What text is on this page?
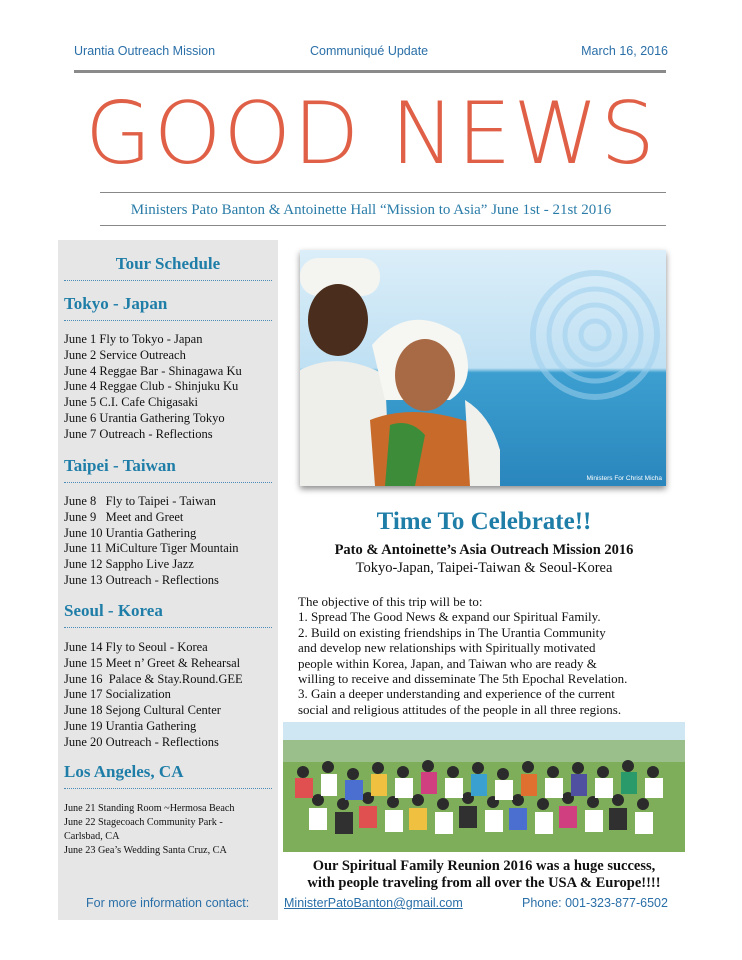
Urantia Outreach Mission	Communiqué Update	March 16, 2016
GOOD NEWS
Ministers Pato Banton & Antoinette Hall “Mission to Asia” June 1st - 21st 2016
Tour Schedule
Tokyo - Japan
June 1 Fly to Tokyo - Japan
June 2 Service Outreach
June 4 Reggae Bar - Shinagawa Ku
June 4 Reggae Club - Shinjuku Ku
June 5 C.I. Cafe Chigasaki
June 6 Urantia Gathering Tokyo
June 7 Outreach - Reflections
Taipei - Taiwan
June 8   Fly to Taipei - Taiwan
June 9   Meet and Greet
June 10 Urantia Gathering
June 11 MiCulture Tiger Mountain
June 12 Sappho Live Jazz
June 13 Outreach - Reflections
Seoul - Korea
June 14 Fly to Seoul - Korea
June 15 Meet n’ Greet & Rehearsal
June 16  Palace & Stay.Round.GEE
June 17 Socialization
June 18 Sejong Cultural Center
June 19 Urantia Gathering
June 20 Outreach - Reflections
Los Angeles, CA
June 21 Standing Room ~Hermosa Beach
June 22 Stagecoach Community Park -
Carlsbad, CA
June 23 Gea’s Wedding Santa Cruz, CA
Ministers For Christ Micha
Time To Celebrate!!
Pato & Antoinette’s Asia Outreach Mission 2016
Tokyo-Japan, Taipei-Taiwan & Seoul-Korea
The objective of this trip will be to:
1. Spread The Good News & expand our Spiritual Family.
2. Build on existing friendships in The Urantia Community
and develop new relationships with Spiritually motivated
people within Korea, Japan, and Taiwan who are ready &
willing to receive and disseminate The 5th Epochal Revelation.
3. Gain a deeper understanding and experience of the current
social and religious attitudes of the people in all three regions.
Our Spiritual Family Reunion 2016 was a huge success,
with people traveling from all over the USA & Europe!!!!
For more information contact:	MinisterPatoBanton@gmail.com	Phone: 001-323-877-6502
